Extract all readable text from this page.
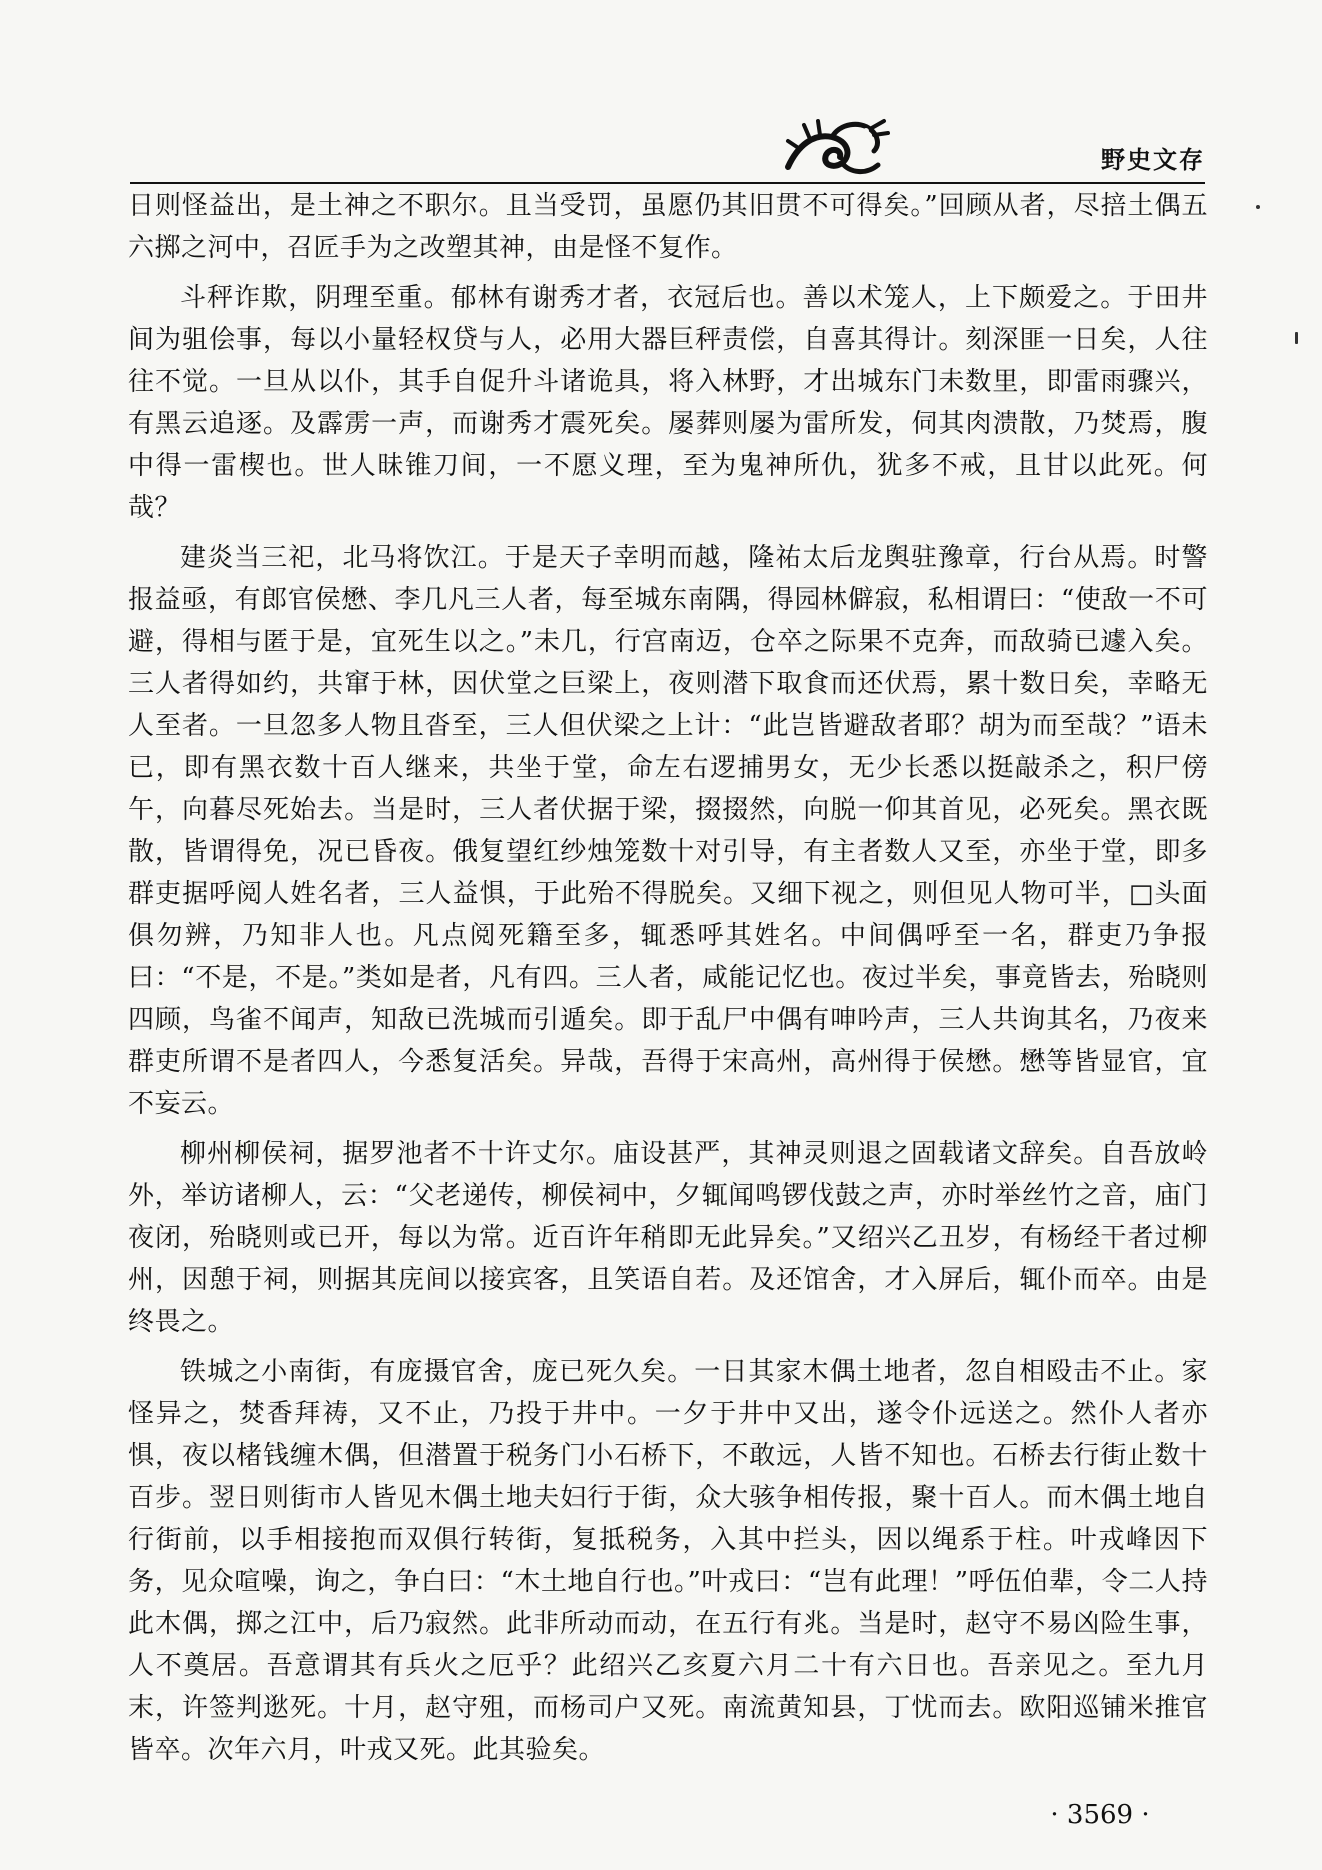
野史文存

日则怪益出，是土神之不职尔。且当受罚，虽愿仍其旧贯不可得矣。”回顾从者，尽掊土偶五六掷之河中，召匠手为之改塑其神，由是怪不复作。

斗秤诈欺，阴理至重。郁林有谢秀才者，衣冠后也。善以术笼人，上下颇爱之。于田井间为驵侩事，每以小量轻权贷与人，必用大器巨秤责偿，自喜其得计。刻深匪一日矣，人往往不觉。一旦从以仆，其手自促升斗诸诡具，将入林野，才出城东门未数里，即雷雨骤兴，有黑云追逐。及霹雳一声，而谢秀才震死矣。屡葬则屡为雷所发，伺其肉溃散，乃焚焉，腹中得一雷楔也。世人昧锥刀间，一不愿义理，至为鬼神所仇，犹多不戒，且甘以此死。何哉？

建炎当三祀，北马将饮江。于是天子幸明而越，隆祐太后龙舆驻豫章，行台从焉。时警报益亟，有郎官侯懋、李几凡三人者，每至城东南隅，得园林僻寂，私相谓曰：“使敌一不可避，得相与匿于是，宜死生以之。”未几，行宫南迈，仓卒之际果不克奔，而敌骑已遽入矣。三人者得如约，共窜于林，因伏堂之巨梁上，夜则潜下取食而还伏焉，累十数日矣，幸略无人至者。一旦忽多人物且沓至，三人但伏梁之上计：“此岂皆避敌者耶？胡为而至哉？”语未已，即有黑衣数十百人继来，共坐于堂，命左右逻捕男女，无少长悉以挺敲杀之，积尸傍午，向暮尽死始去。当是时，三人者伏据于梁，掇掇然，向脱一仰其首见，必死矣。黑衣既散，皆谓得免，况已昏夜。俄复望红纱烛笼数十对引导，有主者数人又至，亦坐于堂，即多群吏据呼阅人姓名者，三人益惧，于此殆不得脱矣。又细下视之，则但见人物可半，□头面俱勿辨，乃知非人也。凡点阅死籍至多，辄悉呼其姓名。中间偶呼至一名，群吏乃争报曰：“不是，不是。”类如是者，凡有四。三人者，咸能记忆也。夜过半矣，事竟皆去，殆晓则四顾，鸟雀不闻声，知敌已洗城而引遁矣。即于乱尸中偶有呻吟声，三人共询其名，乃夜来群吏所谓不是者四人，今悉复活矣。异哉，吾得于宋高州，高州得于侯懋。懋等皆显官，宜不妄云。

柳州柳侯祠，据罗池者不十许丈尔。庙设甚严，其神灵则退之固载诸文辞矣。自吾放岭外，举访诸柳人，云：“父老递传，柳侯祠中，夕辄闻鸣锣伐鼓之声，亦时举丝竹之音，庙门夜闭，殆晓则或已开，每以为常。近百许年稍即无此异矣。”又绍兴乙丑岁，有杨经干者过柳州，因憩于祠，则据其庑间以接宾客，且笑语自若。及还馆舍，才入屏后，辄仆而卒。由是终畏之。

铁城之小南街，有庞摄官舍，庞已死久矣。一日其家木偶土地者，忽自相殴击不止。家怪异之，焚香拜祷，又不止，乃投于井中。一夕于井中又出，遂令仆远送之。然仆人者亦惧，夜以楮钱缠木偶，但潜置于税务门小石桥下，不敢远，人皆不知也。石桥去行街止数十百步。翌日则街市人皆见木偶土地夫妇行于街，众大骇争相传报，聚十百人。而木偶土地自行街前，以手相接抱而双俱行转街，复抵税务，入其中拦头，因以绳系于柱。叶戎峰因下务，见众喧噪，询之，争白曰：“木土地自行也。”叶戎曰：“岂有此理！”呼伍伯辈，令二人持此木偶，掷之江中，后乃寂然。此非所动而动，在五行有兆。当是时，赵守不易凶险生事，人不奠居。吾意谓其有兵火之厄乎？此绍兴乙亥夏六月二十有六日也。吾亲见之。至九月末，许签判逖死。十月，赵守殂，而杨司户又死。南流黄知县，丁忧而去。欧阳巡铺米推官皆卒。次年六月，叶戎又死。此其验矣。

· 3569 ·
